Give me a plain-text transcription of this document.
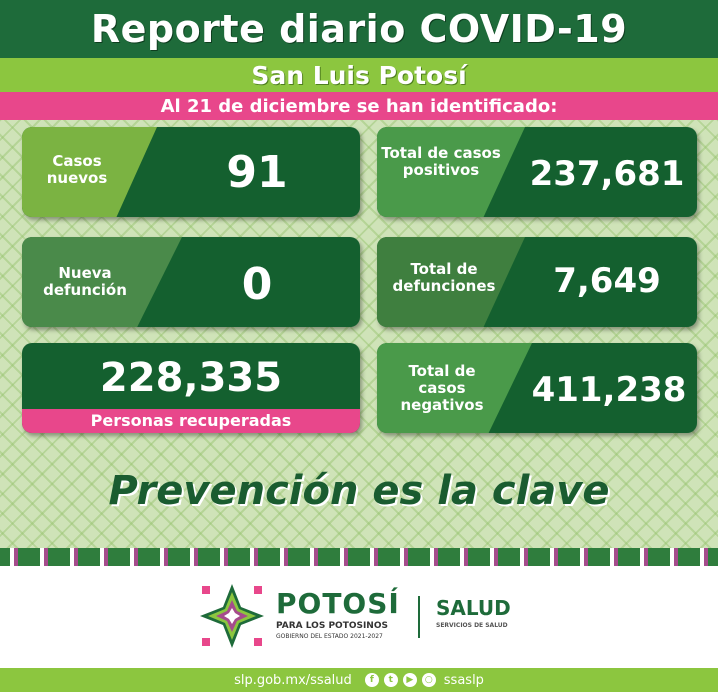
Reporte diario COVID-19
San Luis Potosí
Al 21 de diciembre se han identificado:
Casos nuevos	91	Total de casos positivos	237,681
Nueva defunción	0	Total de defunciones	7,649
228,335
Personas recuperadas
Total de casos negativos	411,238
Prevención es la clave
POTOSÍ
PARA LOS POTOSINOS
GOBIERNO DEL ESTADO 2021-2027
SALUD
SERVICIOS DE SALUD
slp.gob.mx/ssalud	f	t	▶	○ ssaslp
